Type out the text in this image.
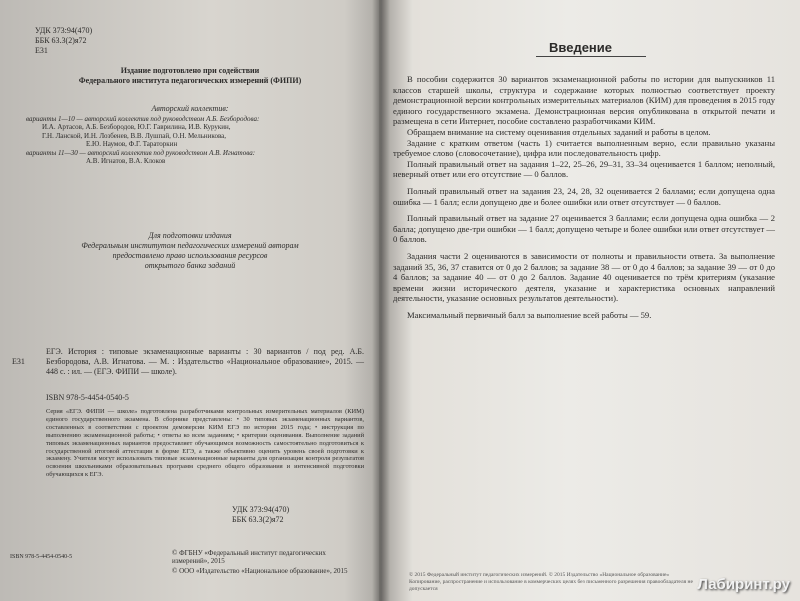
УДК 373:94(470)
ББК 63.3(2)я72
Е31
Издание подготовлено при содействии
Федерального института педагогических измерений (ФИПИ)
Авторский коллектив:

варианты 1—10 — авторский коллектив под руководством А.Б. Безбородова:

И.А. Артасов, А.Б. Безбородов, Ю.Г. Гаврилина, И.В. Курукин,

Г.Н. Ланской, И.Н. Лозбенев, В.В. Лушпай, О.Н. Мельникова,

Е.Ю. Наумов, Ф.Г. Тараторкин

варианты 11—30 — авторский коллектив под руководством А.В. Игнатова:

А.В. Игнатов, В.А. Клоков

Для подготовки издания

Федеральным институтом педагогических измерений авторам

предоставлено право использования ресурсов

открытого банка заданий

Е31
ЕГЭ. История : типовые экзаменационные варианты : 30 вариантов / под ред. А.Б. Безбородова, А.В. Игнатова. — М. : Издательство «Национальное образование», 2015. — 448 с. : ил. — (ЕГЭ. ФИПИ — школе).
ISBN 978-5-4454-0540-5
Серия «ЕГЭ. ФИПИ — школе» подготовлена разработчиками контрольных измерительных материалов (КИМ) единого государственного экзамена. В сборнике представлены: • 30 типовых экзаменационных вариантов, составленных в соответствии с проектом демоверсии КИМ ЕГЭ по истории 2015 года; • инструкция по выполнению экзаменационной работы; • ответы ко всем заданиям; • критерии оценивания. Выполнение заданий типовых экзаменационных вариантов предоставляет обучающимся возможность самостоятельно подготовиться к государственной итоговой аттестации в форме ЕГЭ, а также объективно оценить уровень своей подготовки к экзамену. Учителя могут использовать типовые экзаменационные варианты для организации контроля результатов освоения школьниками образовательных программ среднего общего образования и интенсивной подготовки обучающихся к ЕГЭ.
УДК 373:94(470)
ББК 63.3(2)я72
© ФГБНУ «Федеральный институт педагогических измерений», 2015
© ООО «Издательство «Национальное образование», 2015
ISBN 978-5-4454-0540-5
Введение

В пособии содержится 30 вариантов экзаменационной работы по истории для выпускников 11 классов старшей школы, структура и содержание которых полностью соответствует проекту демонстрационной версии контрольных измерительных материалов (КИМ) для проведения в 2015 году единого государственного экзамена. Демонстрационная версия опубликована в открытой печати и размещена в сети Интернет, пособие составлено разработчиками КИМ.

Обращаем внимание на систему оценивания отдельных заданий и работы в целом.

Задание с кратким ответом (часть 1) считается выполненным верно, если правильно указаны требуемое слово (словосочетание), цифра или последовательность цифр.

Полный правильный ответ на задания 1–22, 25–26, 29–31, 33–34 оценивается 1 баллом; неполный, неверный ответ или его отсутствие — 0 баллов.

Полный правильный ответ на задания 23, 24, 28, 32 оценивается 2 баллами; если допущена одна ошибка — 1 балл; если допущено две и более ошибки или ответ отсутствует — 0 баллов.

Полный правильный ответ на задание 27 оценивается 3 баллами; если допущена одна ошибка — 2 балла; допущено две-три ошибки — 1 балл; допущено четыре и более ошибки или ответ отсутствует — 0 баллов.

Задания части 2 оцениваются в зависимости от полноты и правильности ответа. За выполнение заданий 35, 36, 37 ставится от 0 до 2 баллов; за задание 38 — от 0 до 4 баллов; за задание 39 — от 0 до 4 баллов; за задание 40 — от 0 до 2 баллов. Задание 40 оценивается по трём критериям (указание времени жизни исторического деятеля, указание и характеристика основных направлений деятельности, указание основных результатов деятельности).

Максимальный первичный балл за выполнение всей работы — 59.

© 2015 Федеральный институт педагогических измерений. © 2015 Издательство «Национальное образование»

Копирование, распространение и использование в коммерческих целях без письменного разрешения правообладателя не допускается	Лабиринт.ру
